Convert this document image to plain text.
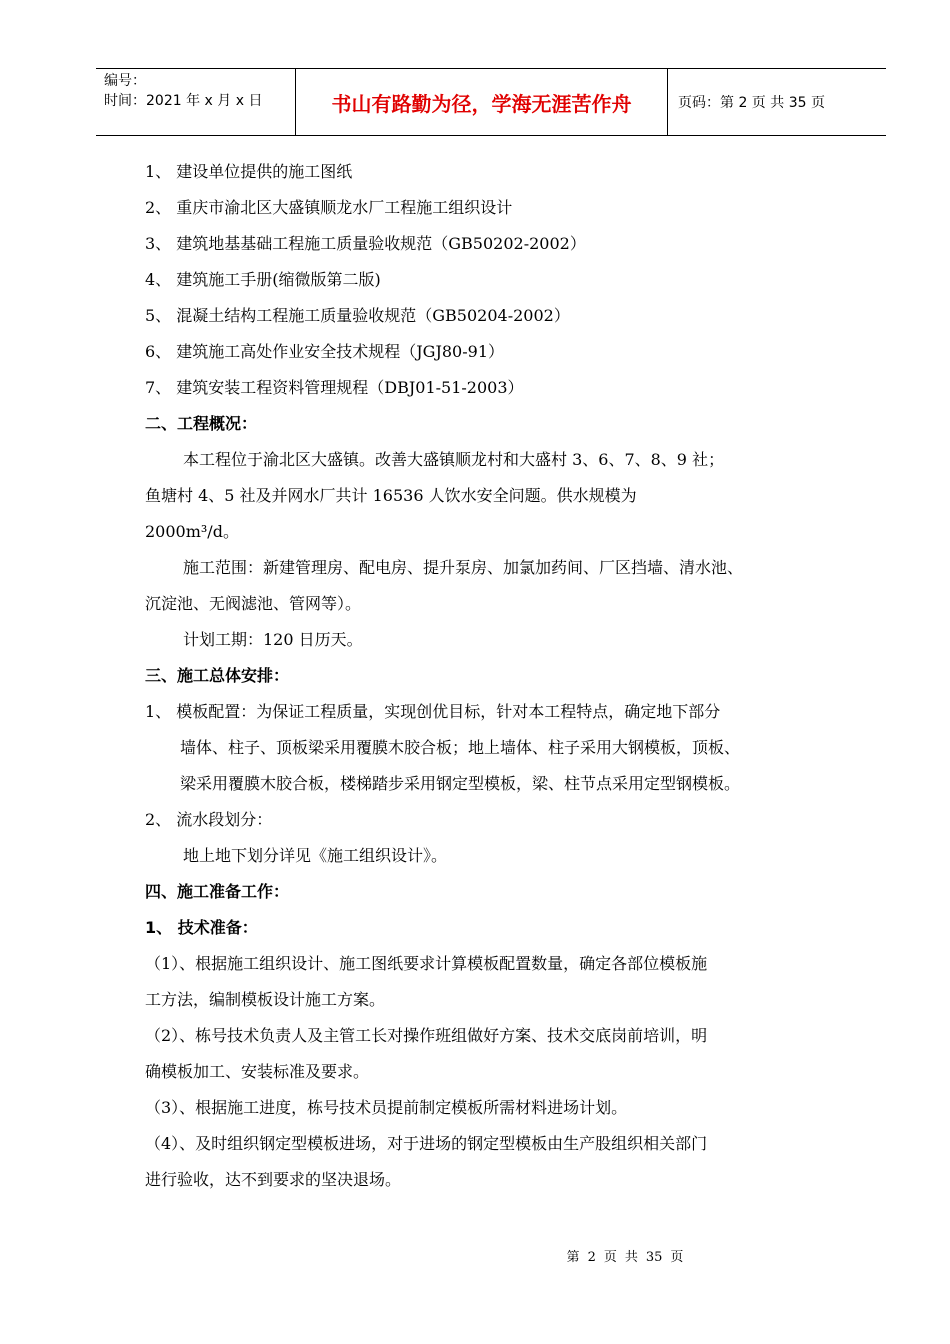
编号：
时间：2021 年 x 月 x 日	书山有路勤为径，学海无涯苦作舟	页码：第 2 页 共 35 页
1、 建设单位提供的施工图纸
2、 重庆市渝北区大盛镇顺龙水厂工程施工组织设计
3、 建筑地基基础工程施工质量验收规范（GB50202-2002）
4、 建筑施工手册(缩微版第二版)
5、 混凝土结构工程施工质量验收规范（GB50204-2002）
6、 建筑施工高处作业安全技术规程（JGJ80-91）
7、 建筑安装工程资料管理规程（DBJ01-51-2003）
二、工程概况：
本工程位于渝北区大盛镇。改善大盛镇顺龙村和大盛村 3、6、7、8、9 社；
鱼塘村 4、5 社及并网水厂共计 16536 人饮水安全问题。供水规模为
2000m³/d。
施工范围：新建管理房、配电房、提升泵房、加氯加药间、厂区挡墙、清水池、
沉淀池、无阀滤池、管网等）。
计划工期：120 日历天。
三、施工总体安排：
1、 模板配置：为保证工程质量，实现创优目标，针对本工程特点，确定地下部分
墙体、柱子、顶板梁采用覆膜木胶合板；地上墙体、柱子采用大钢模板，顶板、
梁采用覆膜木胶合板，楼梯踏步采用钢定型模板，梁、柱节点采用定型钢模板。
2、 流水段划分：
地上地下划分详见《施工组织设计》。
四、施工准备工作：
1、 技术准备：
（1）、根据施工组织设计、施工图纸要求计算模板配置数量，确定各部位模板施
工方法，编制模板设计施工方案。
（2）、栋号技术负责人及主管工长对操作班组做好方案、技术交底岗前培训，明
确模板加工、安装标准及要求。
（3）、根据施工进度，栋号技术员提前制定模板所需材料进场计划。
（4）、及时组织钢定型模板进场，对于进场的钢定型模板由生产股组织相关部门
进行验收，达不到要求的坚决退场。
第 2 页 共 35 页
